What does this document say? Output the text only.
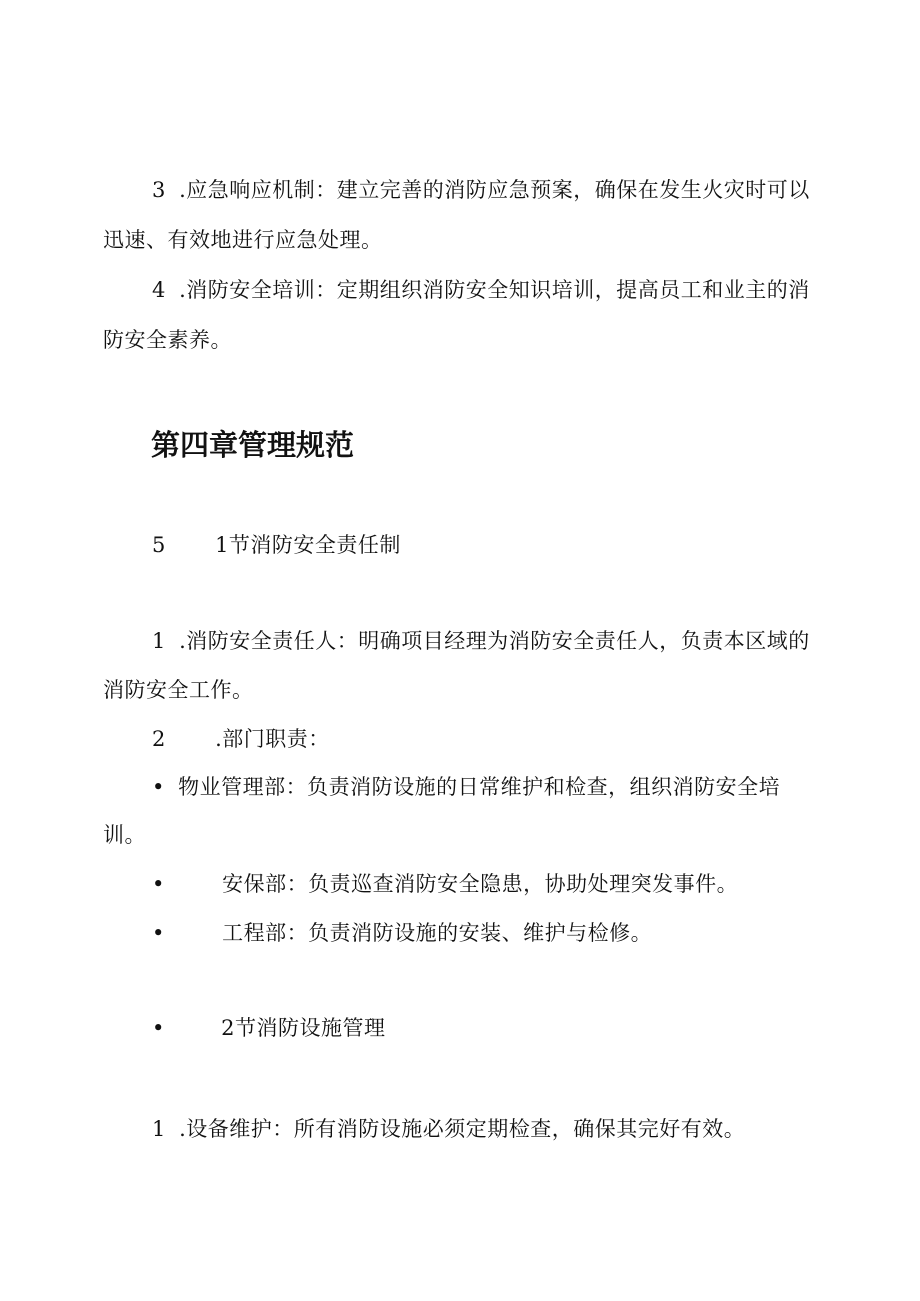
3 .应急响应机制：建立完善的消防应急预案，确保在发生火灾时可以
迅速、有效地进行应急处理。
4 .消防安全培训：定期组织消防安全知识培训，提高员工和业主的消
防安全素养。
第四章管理规范
5 1节消防安全责任制
1 .消防安全责任人：明确项目经理为消防安全责任人，负责本区域的
消防安全工作。
2 .部门职责：
• 物业管理部：负责消防设施的日常维护和检查，组织消防安全培
训。
•	安保部：负责巡查消防安全隐患，协助处理突发事件。
•	工程部：负责消防设施的安装、维护与检修。
•	2节消防设施管理
1 .设备维护：所有消防设施必须定期检查，确保其完好有效。
